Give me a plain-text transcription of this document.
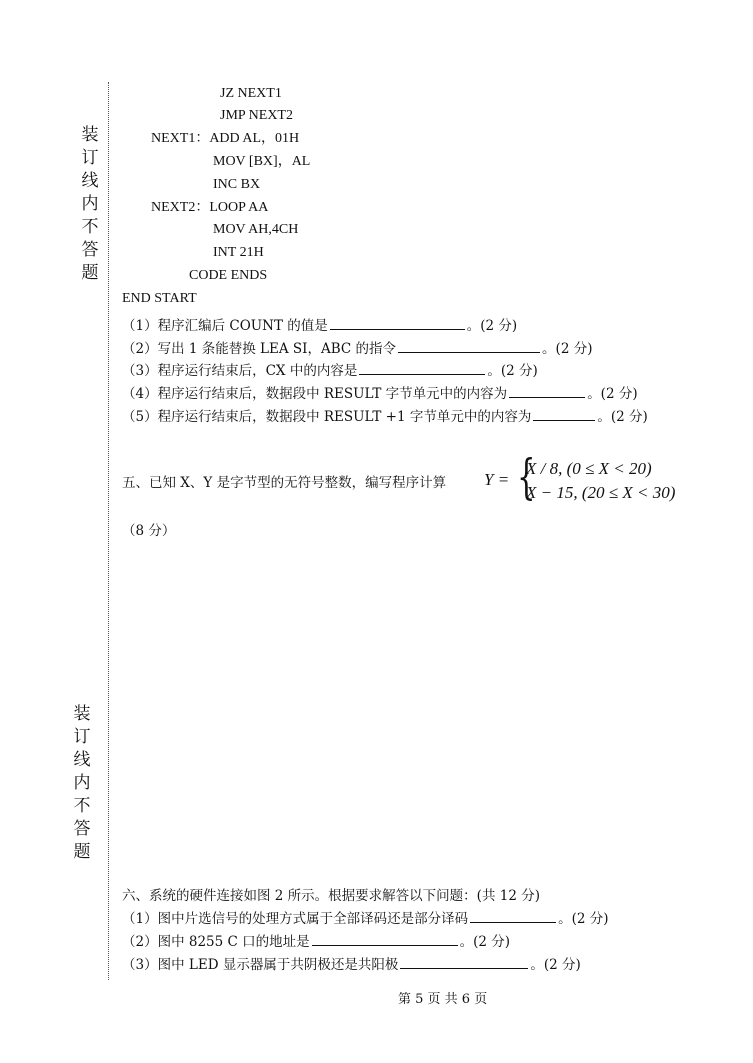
装
订
线
内
不
答
题
装
订
线
内
不
答
题
JZ NEXT1
JMP NEXT2
NEXT1：ADD AL，01H
MOV [BX]，AL
INC BX
NEXT2：LOOP AA
MOV AH,4CH
INT 21H
CODE ENDS
END START
（1）程序汇编后 COUNT 的值是	。(2 分)
（2）写出 1 条能替换 LEA SI，ABC 的指令	。(2 分)
（3）程序运行结束后，CX 中的内容是	。(2 分)
（4）程序运行结束后，数据段中 RESULT 字节单元中的内容为	。(2 分)
（5）程序运行结束后，数据段中 RESULT +1 字节单元中的内容为	。(2 分)
五、已知 X、Y 是字节型的无符号整数，编写程序计算 Y = {
X / 8, (0 ≤ X < 20)
X − 15, (20 ≤ X < 30)
（8 分）
六、系统的硬件连接如图 2 所示。根据要求解答以下问题：(共 12 分)
（1）图中片选信号的处理方式属于全部译码还是部分译码	。(2 分)
（2）图中 8255 C 口的地址是	。(2 分)
（3）图中 LED 显示器属于共阴极还是共阳极	。(2 分)
第 5 页 共 6 页
